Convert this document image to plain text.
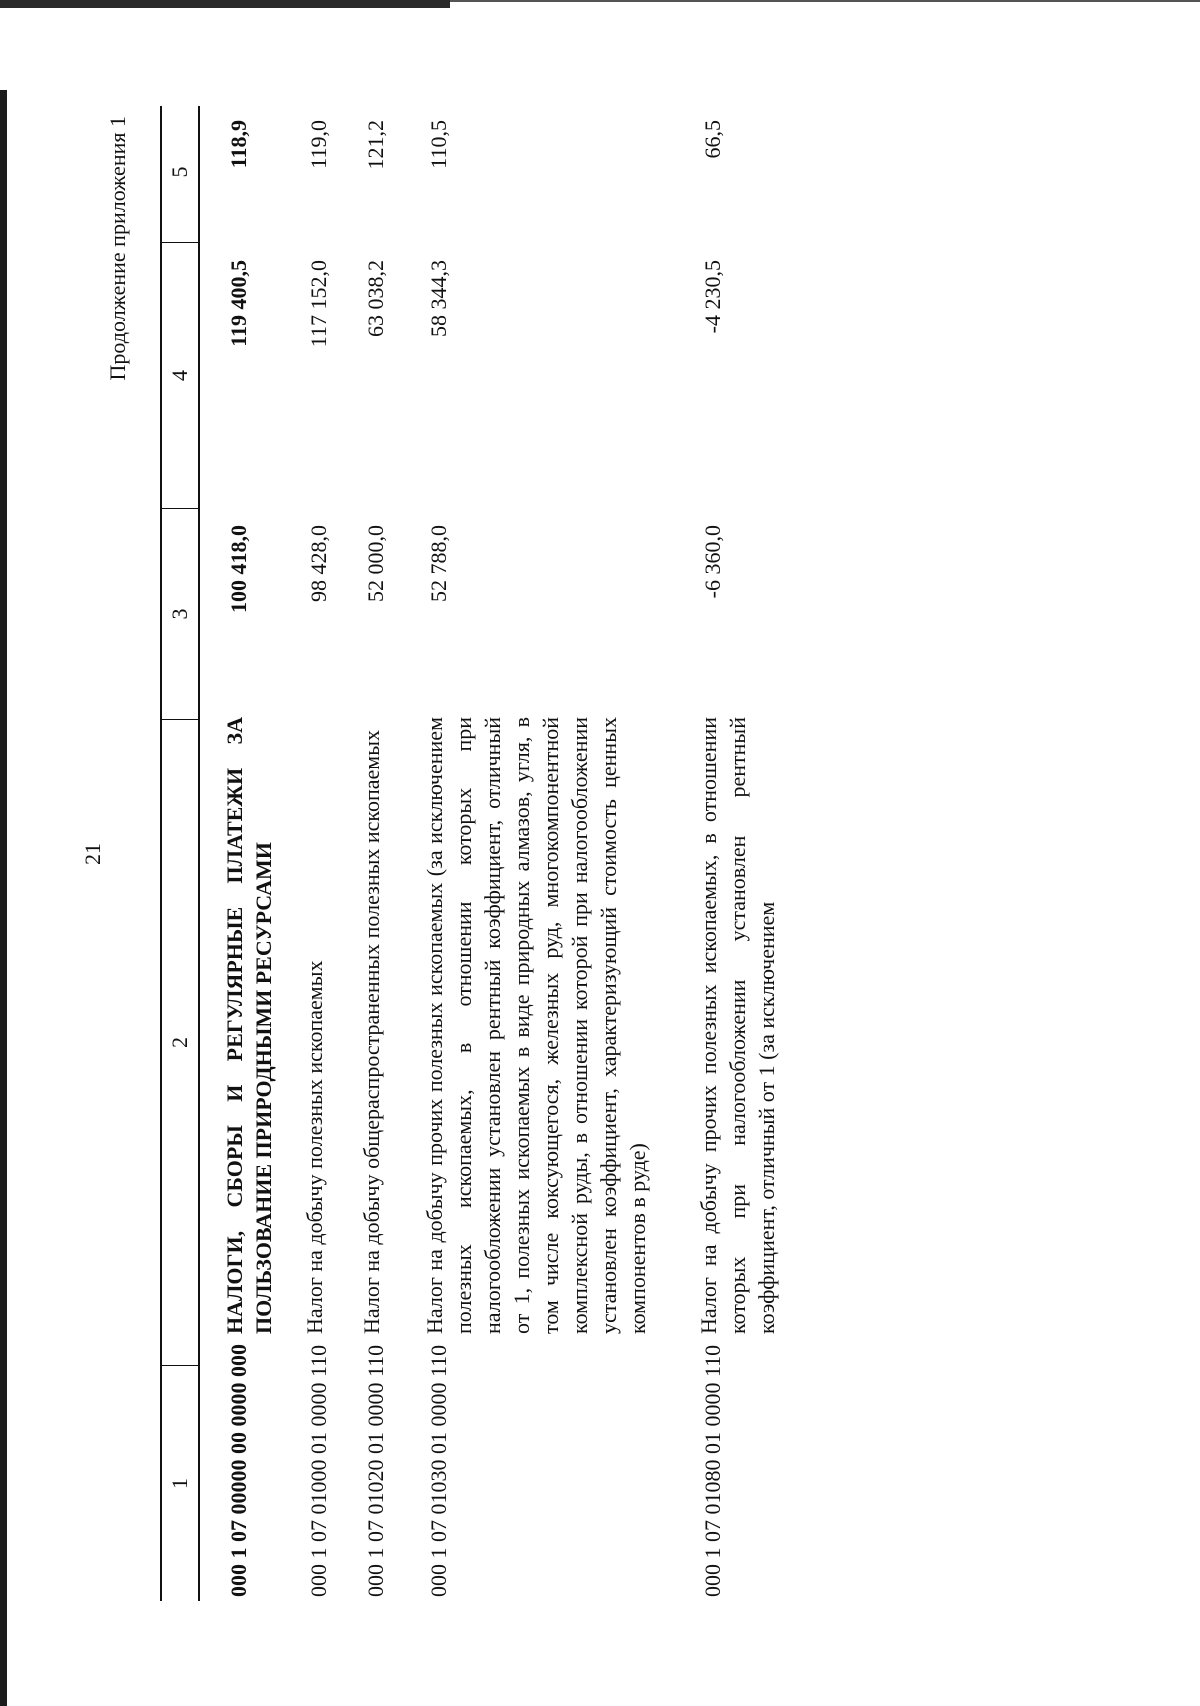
21
Продолжение приложения 1
1
2
3
4
5
000 1 07 00000 00 0000 000
НАЛОГИ, СБОРЫ И РЕГУЛЯРНЫЕ ПЛАТЕЖИ ЗА ПОЛЬЗОВАНИЕ ПРИРОДНЫМИ РЕСУРСАМИ
100 418,0
119 400,5
118,9
000 1 07 01000 01 0000 110
Налог на добычу полезных ископаемых
98 428,0
117 152,0
119,0
000 1 07 01020 01 0000 110
Налог на добычу общераспространенных полезных ископаемых
52 000,0
63 038,2
121,2
000 1 07 01030 01 0000 110
Налог на добычу прочих полезных ископаемых (за исключением полезных ископаемых, в отношении которых при налогообложении установлен рентный коэффициент, отличный от 1, полезных ископаемых в виде природных алмазов, угля, в том числе коксующегося, железных руд, многокомпонентной комплексной руды, в отношении которой при налогообложении установлен коэффициент, характеризующий стоимость ценных компонентов в руде)
52 788,0
58 344,3
110,5
000 1 07 01080 01 0000 110
Налог на добычу прочих полезных ископаемых, в отношении которых при налогообложении установлен рентный коэффициент, отличный от 1 (за исключением
-6 360,0
-4 230,5
66,5
